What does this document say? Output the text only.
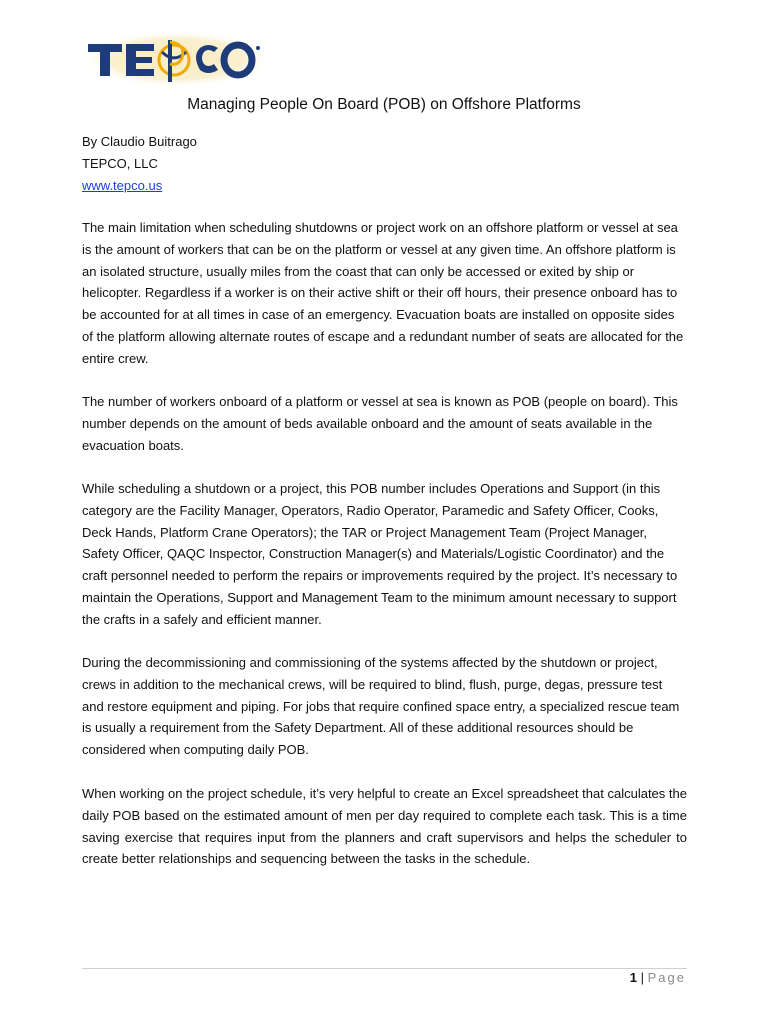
Managing People On Board (POB) on Offshore Platforms
By Claudio Buitrago
TEPCO, LLC
www.tepco.us

The main limitation when scheduling shutdowns or project work on an offshore platform or vessel at sea is the amount of workers that can be on the platform or vessel at any given time. An offshore platform is an isolated structure, usually miles from the coast that can only be accessed or exited by ship or helicopter. Regardless if a worker is on their active shift or their off hours, their presence onboard has to be accounted for at all times in case of an emergency. Evacuation boats are installed on opposite sides of the platform allowing alternate routes of escape and a redundant number of seats are allocated for the entire crew.

The number of workers onboard of a platform or vessel at sea is known as POB (people on board). This number depends on the amount of beds available onboard and the amount of seats available in the evacuation boats.

While scheduling a shutdown or a project, this POB number includes Operations and Support (in this category are the Facility Manager, Operators, Radio Operator, Paramedic and Safety Officer, Cooks, Deck Hands, Platform Crane Operators); the TAR or Project Management Team (Project Manager, Safety Officer, QAQC Inspector, Construction Manager(s) and Materials/Logistic Coordinator) and the craft personnel needed to perform the repairs or improvements required by the project. It’s necessary to maintain the Operations, Support and Management Team to the minimum amount necessary to support the crafts in a safely and efficient manner.

During the decommissioning and commissioning of the systems affected by the shutdown or project, crews in addition to the mechanical crews, will be required to blind, flush, purge, degas, pressure test and restore equipment and piping. For jobs that require confined space entry, a specialized rescue team is usually a requirement from the Safety Department. All of these additional resources should be considered when computing daily POB.

When working on the project schedule, it’s very helpful to create an Excel spreadsheet that calculates the daily POB based on the estimated amount of men per day required to complete each task. This is a time saving exercise that requires input from the planners and craft supervisors and helps the scheduler to create better relationships and sequencing between the tasks in the schedule.

1 | Page
